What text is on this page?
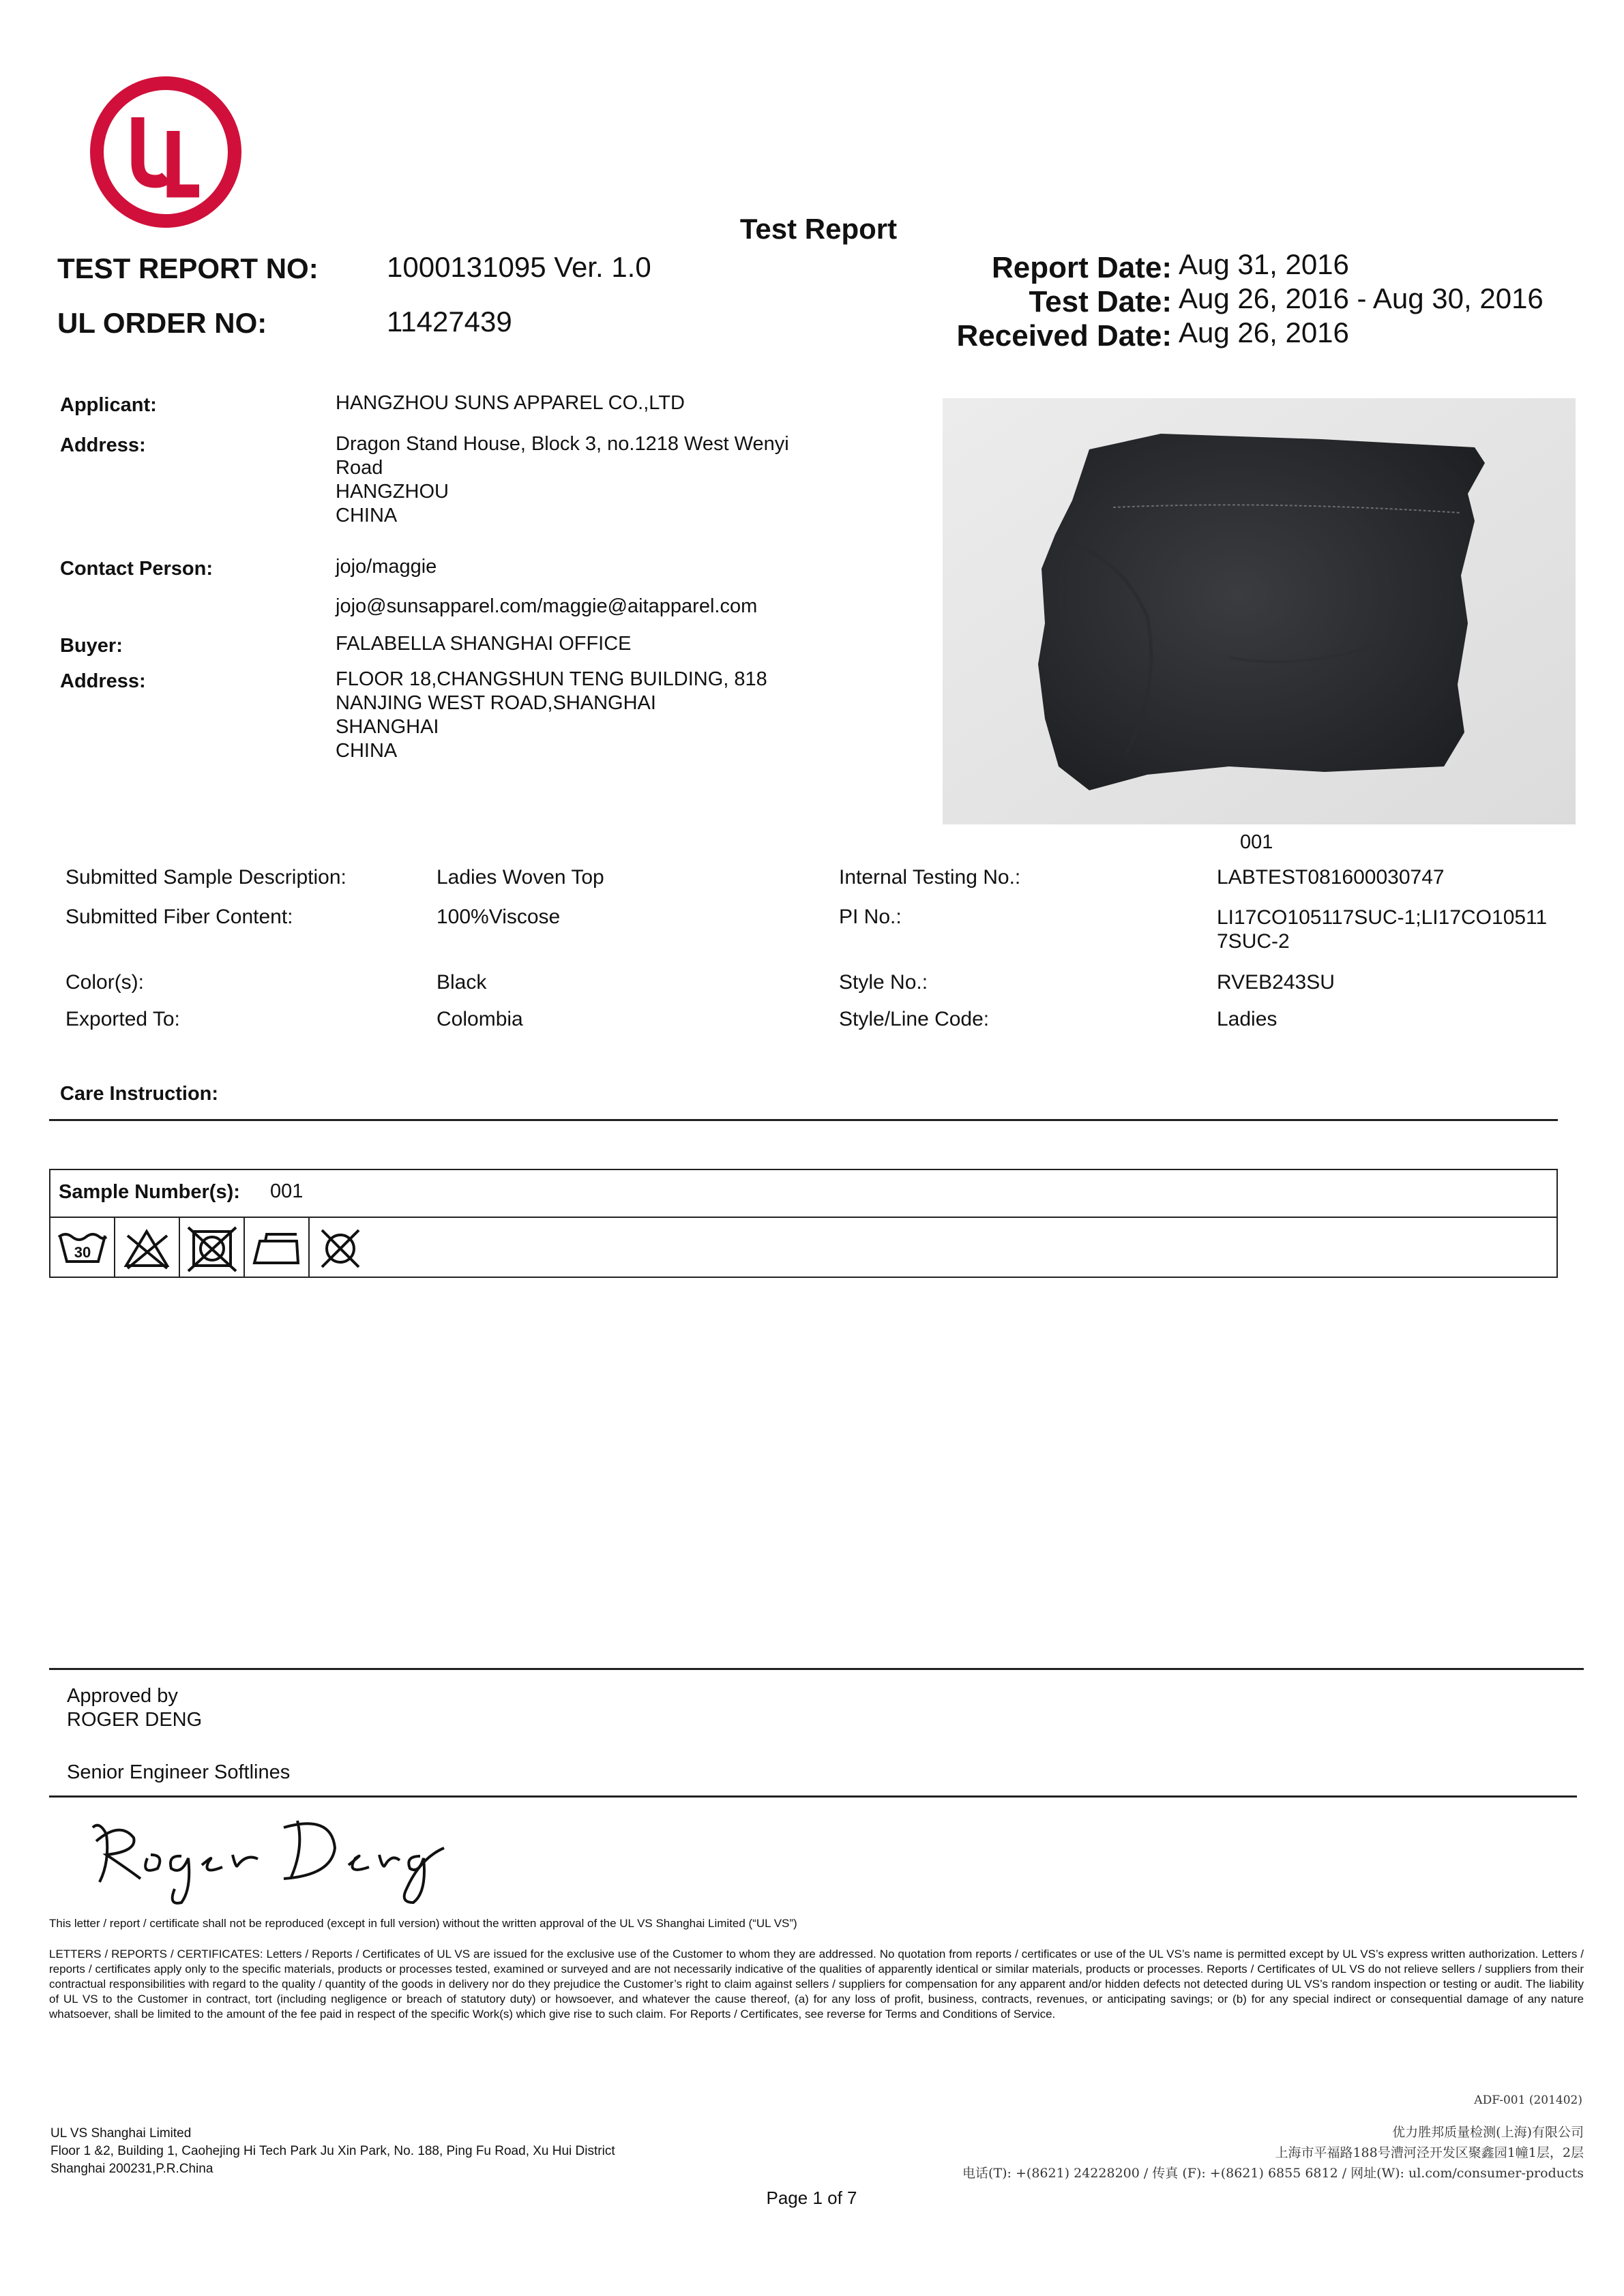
Test Report
TEST REPORT NO: 1000131095 Ver. 1.0
UL ORDER NO:	11427439
Report Date: Aug 31, 2016
Test Date: Aug 26, 2016 - Aug 30, 2016
Received Date: Aug 26, 2016
Applicant:	HANGZHOU SUNS APPAREL CO.,LTD
Address:	Dragon Stand House, Block 3, no.1218 West Wenyi
Road
HANGZHOU
CHINA
Contact Person:	jojo/maggie
jojo@sunsapparel.com/maggie@aitapparel.com
Buyer:	FALABELLA SHANGHAI OFFICE
Address:	FLOOR 18,CHANGSHUN TENG BUILDING, 818
NANJING WEST ROAD,SHANGHAI
SHANGHAI
CHINA
001
Submitted Sample Description:	Ladies Woven Top	Internal Testing No.:	LABTEST081600030747
Submitted Fiber Content:	100%Viscose	PI No.:	LI17CO105117SUC-1;LI17CO10511
7SUC-2
Color(s):	Black	Style No.:	RVEB243SU
Exported To:	Colombia	Style/Line Code:	Ladies
Care Instruction:
Sample Number(s): 001
30
Approved by
ROGER DENG
Senior Engineer Softlines
This letter / report / certificate shall not be reproduced (except in full version) without the written approval of the UL VS Shanghai Limited (“UL VS”)
LETTERS / REPORTS / CERTIFICATES: Letters / Reports / Certificates of UL VS are issued for the exclusive use of the Customer to whom they are addressed. No quotation from reports / certificates or use of the UL VS’s name is permitted except by UL VS’s express written authorization. Letters / reports / certificates apply only to the specific materials, products or processes tested, examined or surveyed and are not necessarily indicative of the qualities of apparently identical or similar materials, products or processes. Reports / Certificates of UL VS do not relieve sellers / suppliers from their contractual responsibilities with regard to the quality / quantity of the goods in delivery nor do they prejudice the Customer’s right to claim against sellers / suppliers for compensation for any apparent and/or hidden defects not detected during UL VS’s random inspection or testing or audit. The liability of UL VS to the Customer in contract, tort (including negligence or breach of statutory duty) or howsoever, and whatever the cause thereof, (a) for any loss of profit, business, contracts, revenues, or anticipating savings; or (b) for any special indirect or consequential damage of any nature whatsoever, shall be limited to the amount of the fee paid in respect of the specific Work(s) which give rise to such claim. For Reports / Certificates, see reverse for Terms and Conditions of Service.
ADF-001 (201402)
UL VS Shanghai Limited
Floor 1 &2, Building 1, Caohejing Hi Tech Park Ju Xin Park, No. 188, Ping Fu Road, Xu Hui District
Shanghai 200231,P.R.China
优力胜邦质量检测(上海)有限公司
上海市平福路188号漕河泾开发区聚鑫园1幢1层，2层
电话(T): +(8621) 24228200 / 传真 (F): +(8621) 6855 6812 / 网址(W): ul.com/consumer-products
Page 1 of 7
